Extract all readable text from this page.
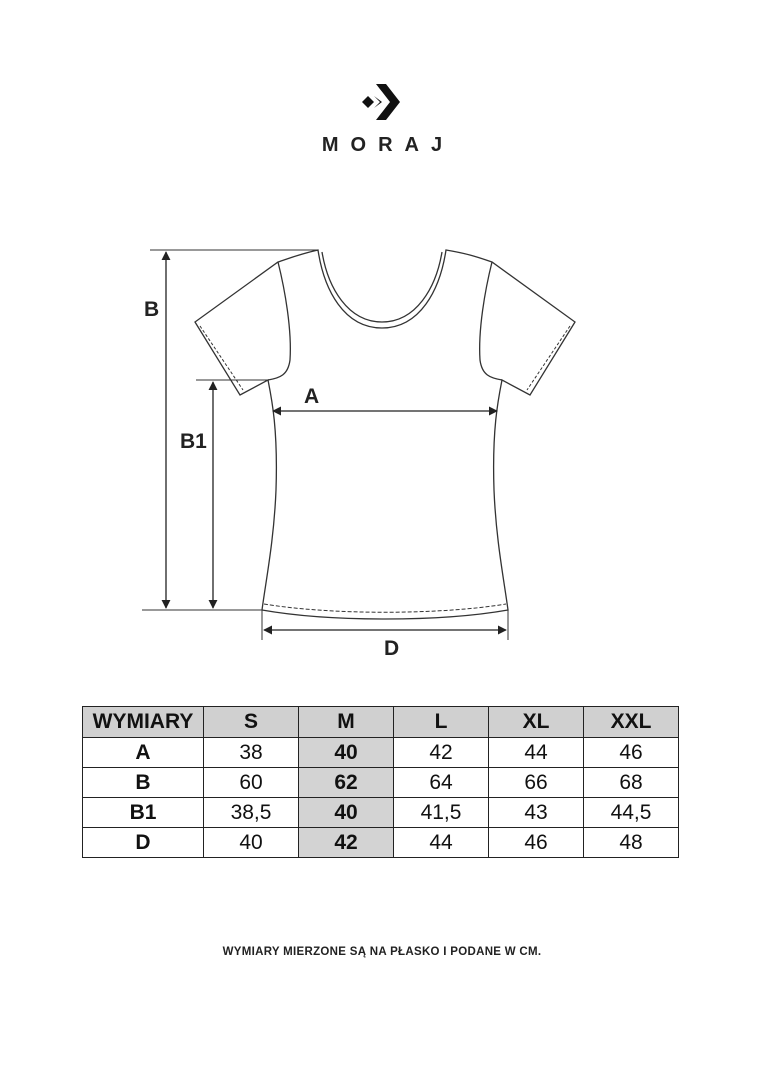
MORAJ
B
B1
A
D
WYMIARY	S	M	L	XL	XXL
A	38	40	42	44	46
B	60	62	64	66	68
B1	38,5	40	41,5	43	44,5
D	40	42	44	46	48
WYMIARY MIERZONE SĄ NA PŁASKO I PODANE W CM.
